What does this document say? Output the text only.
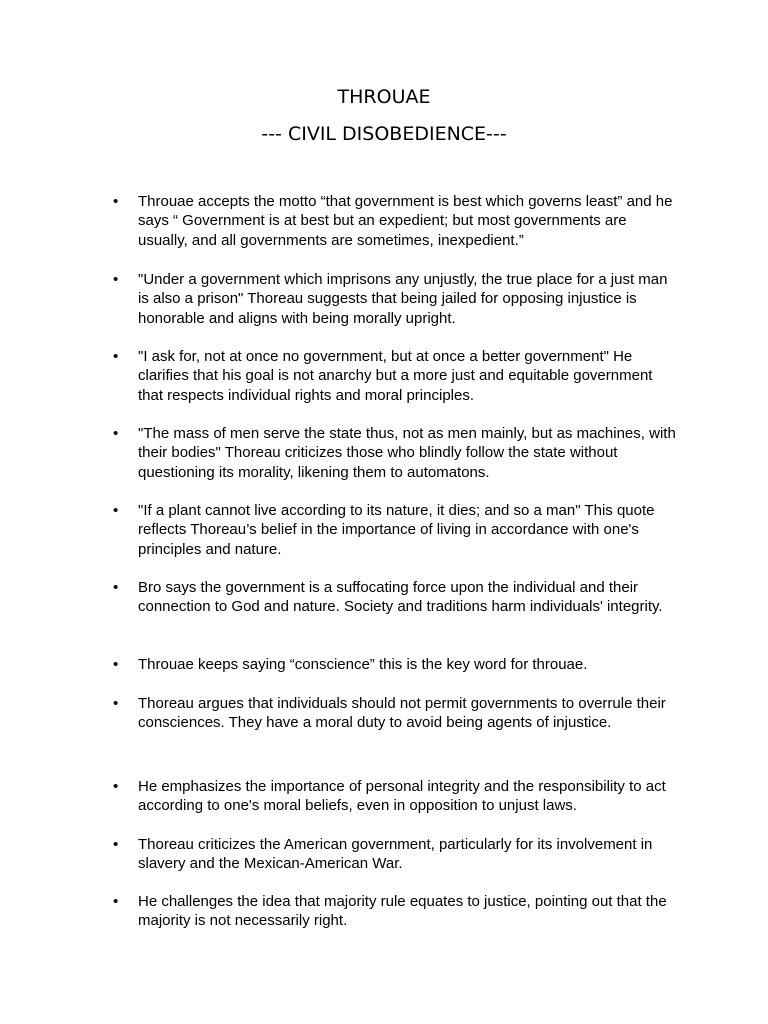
THROUAE
--- CIVIL DISOBEDIENCE---
• Throuae accepts the motto “that government is best which governs least” and he says “ Government is at best but an expedient; but most governments are usually, and all governments are sometimes, inexpedient.”
• "Under a government which imprisons any unjustly, the true place for a just man is also a prison" Thoreau suggests that being jailed for opposing injustice is honorable and aligns with being morally upright.
• "I ask for, not at once no government, but at once a better government" He clarifies that his goal is not anarchy but a more just and equitable government that respects individual rights and moral principles.
• "The mass of men serve the state thus, not as men mainly, but as machines, with their bodies" Thoreau criticizes those who blindly follow the state without questioning its morality, likening them to automatons.
• "If a plant cannot live according to its nature, it dies; and so a man" This quote reflects Thoreau’s belief in the importance of living in accordance with one's principles and nature.
• Bro says the government is a suffocating force upon the individual and their connection to God and nature. Society and traditions harm individuals' integrity.
• Throuae keeps saying “conscience” this is the key word for throuae.
• Thoreau argues that individuals should not permit governments to overrule their consciences. They have a moral duty to avoid being agents of injustice.
• He emphasizes the importance of personal integrity and the responsibility to act according to one's moral beliefs, even in opposition to unjust laws.
• Thoreau criticizes the American government, particularly for its involvement in slavery and the Mexican-American War.
• He challenges the idea that majority rule equates to justice, pointing out that the majority is not necessarily right.
